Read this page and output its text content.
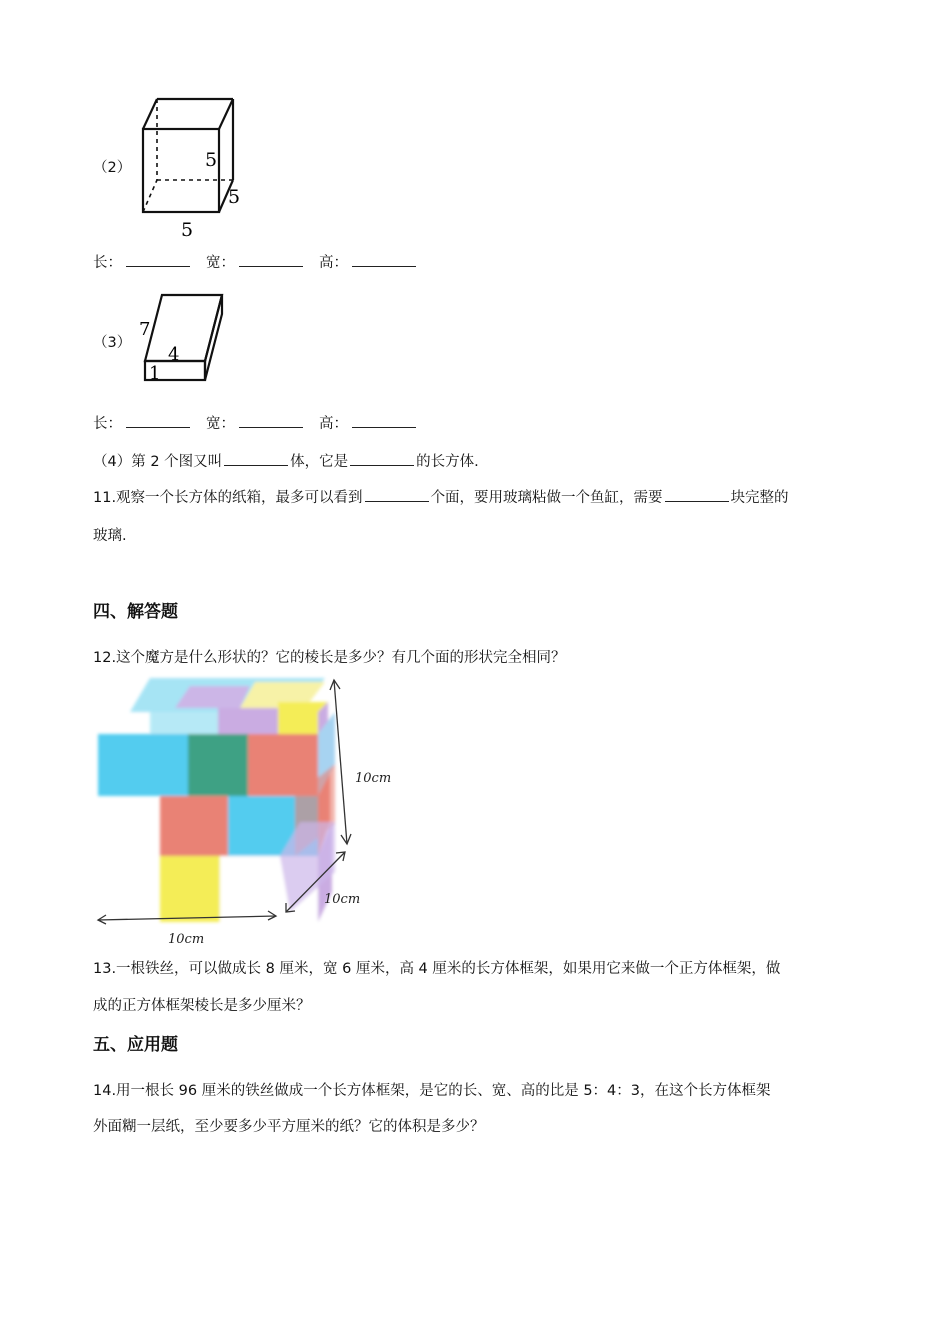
（2）	5
5
5
长：	宽：	高：
（3）
7
4
1
长：	宽：	高：
（4）第 2 个图又叫	体，它是	的长方体.
11.观察一个长方体的纸箱，最多可以看到	个面，要用玻璃粘做一个鱼缸，需要	块完整的
玻璃.
四、解答题
12.这个魔方是什么形状的？它的棱长是多少？有几个面的形状完全相同？
10cm
10cm
10cm
13.一根铁丝，可以做成长 8 厘米，宽 6 厘米，高 4 厘米的长方体框架，如果用它来做一个正方体框架，做
成的正方体框架棱长是多少厘米？
五、应用题
14.用一根长 96 厘米的铁丝做成一个长方体框架，是它的长、宽、高的比是 5：4：3，在这个长方体框架
外面糊一层纸，至少要多少平方厘米的纸？它的体积是多少？
